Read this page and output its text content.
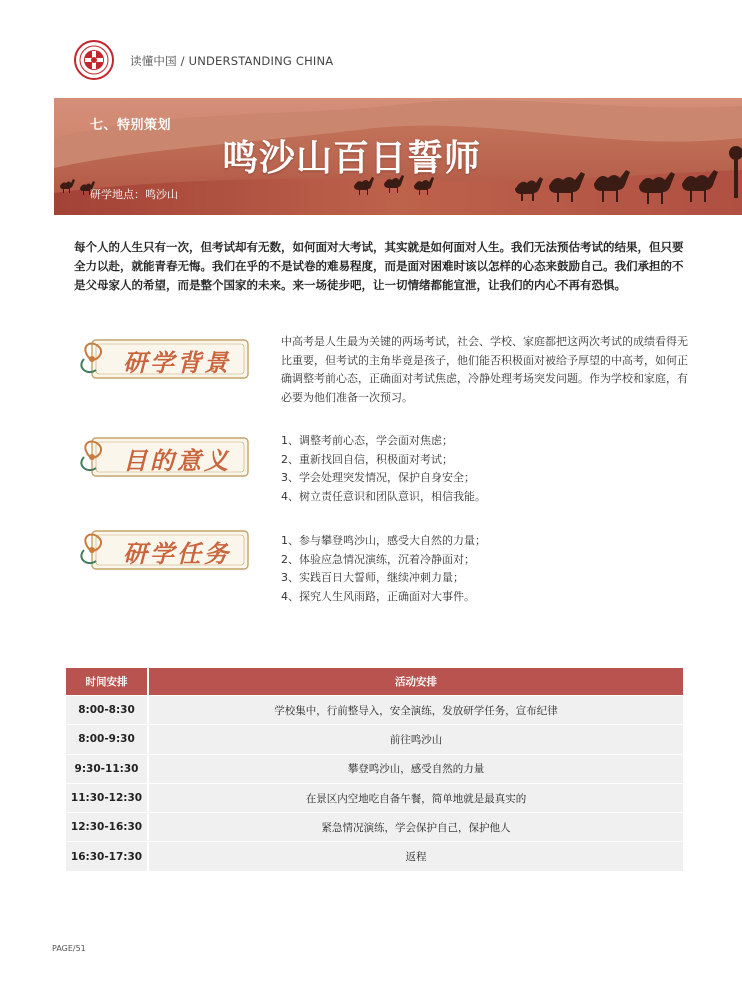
读懂中国 / UNDERSTANDING CHINA
七、特别策划
鸣沙山百日誓师
研学地点：鸣沙山
每个人的人生只有一次，但考试却有无数，如何面对大考试，其实就是如何面对人生。我们无法预估考试的结果，但只要全力以赴，就能青春无悔。我们在乎的不是试卷的难易程度，而是面对困难时该以怎样的心态来鼓励自己。我们承担的不是父母家人的希望，而是整个国家的未来。来一场徒步吧，让一切情绪都能宣泄，让我们的内心不再有恐惧。
研学背景
中高考是人生最为关键的两场考试，社会、学校、家庭都把这两次考试的成绩看得无比重要，但考试的主角毕竟是孩子，他们能否积极面对被给予厚望的中高考，如何正确调整考前心态，正确面对考试焦虑，冷静处理考场突发问题。作为学校和家庭，有必要为他们准备一次预习。
目的意义
1、调整考前心态，学会面对焦虑；
2、重新找回自信，积极面对考试；
3、学会处理突发情况，保护自身安全；
4、树立责任意识和团队意识，相信我能。
研学任务	1、参与攀登鸣沙山，感受大自然的力量；
2、体验应急情况演练，沉着冷静面对；
3、实践百日大誓师，继续冲刺力量；
4、探究人生风雨路，正确面对大事件。
时间安排	活动安排
8:00-8:30	学校集中，行前整导入，安全演练，发放研学任务，宣布纪律
8:00-9:30	前往鸣沙山
9:30-11:30	攀登鸣沙山，感受自然的力量
11:30-12:30	在景区内空地吃自备午餐，简单地就是最真实的
12:30-16:30	紧急情况演练，学会保护自己，保护他人
16:30-17:30	返程
PAGE/51
